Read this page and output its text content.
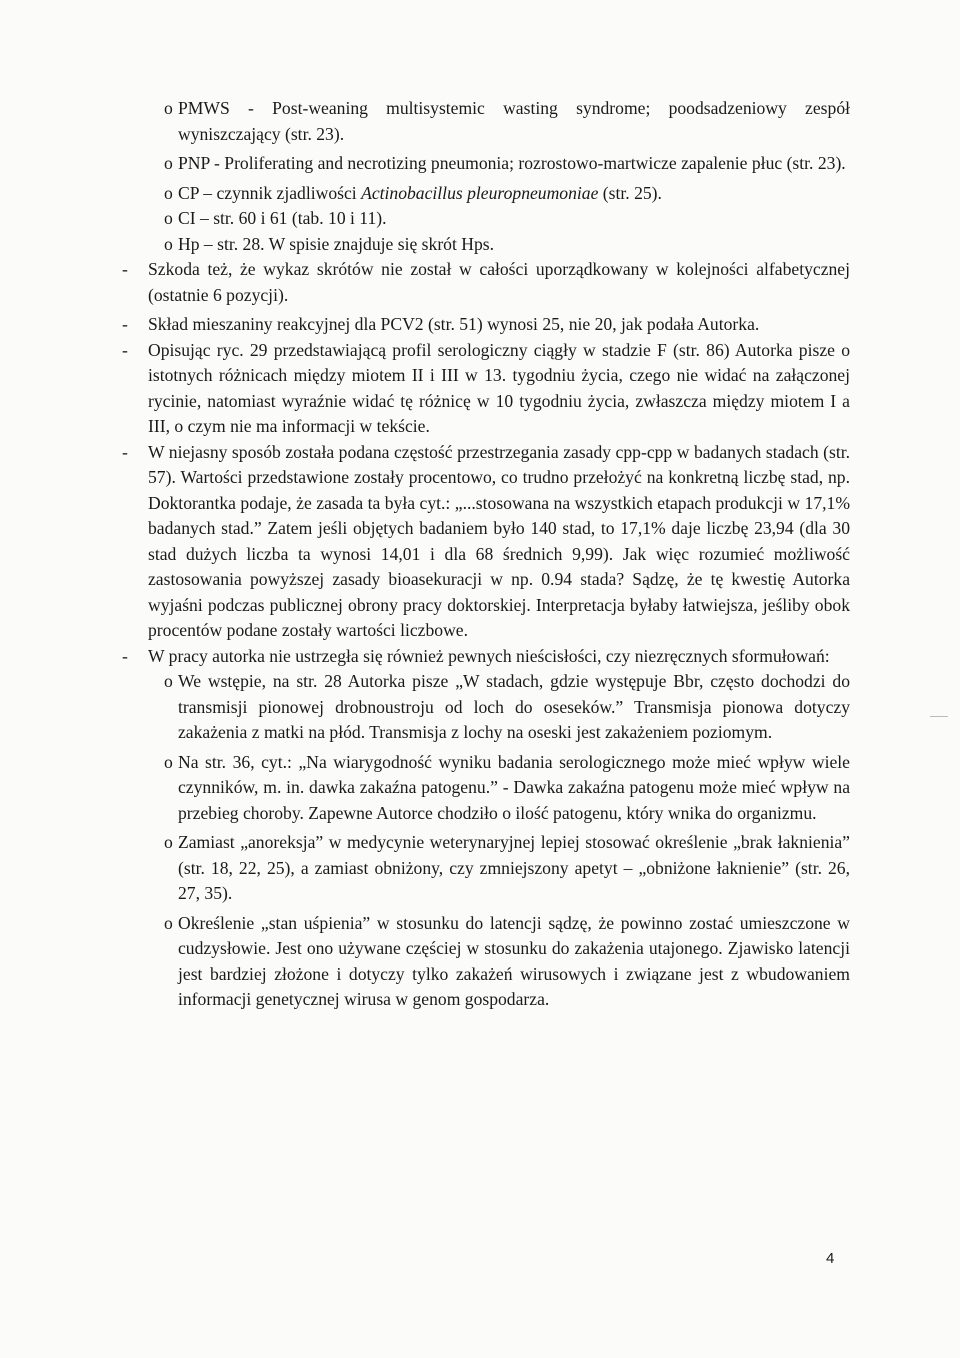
o PMWS - Post-weaning multisystemic wasting syndrome; poodsadzeniowy zespół wyniszczający (str. 23).
o PNP - Proliferating and necrotizing pneumonia; rozrostowo-martwicze zapalenie płuc (str. 23).
o CP – czynnik zjadliwości Actinobacillus pleuropneumoniae (str. 25).
o CI – str. 60 i 61 (tab. 10 i 11).
o Hp – str. 28. W spisie znajduje się skrót Hps.
- Szkoda też, że wykaz skrótów nie został w całości uporządkowany w kolejności alfabetycznej (ostatnie 6 pozycji).
- Skład mieszaniny reakcyjnej dla PCV2 (str. 51) wynosi 25, nie 20, jak podała Autorka.
- Opisując ryc. 29 przedstawiającą profil serologiczny ciągły w stadzie F (str. 86) Autorka pisze o istotnych różnicach między miotem II i III w 13. tygodniu życia, czego nie widać na załączonej rycinie, natomiast wyraźnie widać tę różnicę w 10 tygodniu życia, zwłaszcza między miotem I a III, o czym nie ma informacji w tekście.
- W niejasny sposób została podana częstość przestrzegania zasady cpp-cpp w badanych stadach (str. 57). Wartości przedstawione zostały procentowo, co trudno przełożyć na konkretną liczbę stad, np. Doktorantka podaje, że zasada ta była cyt.: „...stosowana na wszystkich etapach produkcji w 17,1% badanych stad.” Zatem jeśli objętych badaniem było 140 stad, to 17,1% daje liczbę 23,94 (dla 30 stad dużych liczba ta wynosi 14,01 i dla 68 średnich 9,99). Jak więc rozumieć możliwość zastosowania powyższej zasady bioasekuracji w np. 0.94 stada? Sądzę, że tę kwestię Autorka wyjaśni podczas publicznej obrony pracy doktorskiej. Interpretacja byłaby łatwiejsza, jeśliby obok procentów podane zostały wartości liczbowe.
- W pracy autorka nie ustrzegła się również pewnych nieścisłości, czy niezręcznych sformułowań:
o We wstępie, na str. 28 Autorka pisze „W stadach, gdzie występuje Bbr, często dochodzi do transmisji pionowej drobnoustroju od loch do oseseków.” Transmisja pionowa dotyczy zakażenia z matki na płód. Transmisja z lochy na oseski jest zakażeniem poziomym.
o Na str. 36, cyt.: „Na wiarygodność wyniku badania serologicznego może mieć wpływ wiele czynników, m. in. dawka zakaźna patogenu.” - Dawka zakaźna patogenu może mieć wpływ na przebieg choroby. Zapewne Autorce chodziło o ilość patogenu, który wnika do organizmu.
o Zamiast „anoreksja” w medycynie weterynaryjnej lepiej stosować określenie „brak łaknienia” (str. 18, 22, 25), a zamiast obniżony, czy zmniejszony apetyt – „obniżone łaknienie” (str. 26, 27, 35).
o Określenie „stan uśpienia” w stosunku do latencji sądzę, że powinno zostać umieszczone w cudzysłowie. Jest ono używane częściej w stosunku do zakażenia utajonego. Zjawisko latencji jest bardziej złożone i dotyczy tylko zakażeń wirusowych i związane jest z wbudowaniem informacji genetycznej wirusa w genom gospodarza.
4
